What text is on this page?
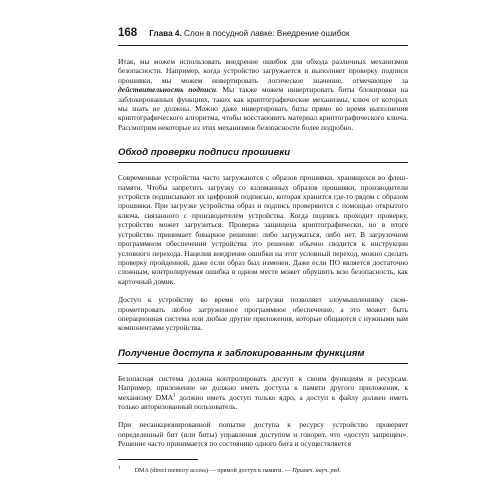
168 Глава 4. Слон в посудной лавке: Внедрение ошибок

Итак, мы можем использовать внедрение ошибок для обхода различных механизмов безопасности. Например, когда устройство загружается и выполняет проверку подписи прошивки, мы можем инвертировать логическое значение, отмечающее за действительность подписи. Мы также можем инвертировать биты блокировки на заблокированных функциях, таких как криптографические механизмы, ключ от которых мы знать не должны. Можно даже инвертировать биты прямо во время выполнения криптографического алгоритма, чтобы восстановить материал криптографического ключа. Рассмотрим некоторые из этих механизмов безопасности более подробно.

Обход проверки подписи прошивки

Современные устройства часто загружаются с образов прошивки, хранящихся во флеш-памяти. Чтобы запретить загрузку со взломанных образов прошивки, производители устройств подписывают их цифровой подписью, которая хранится где-то рядом с образом прошивки. При загрузке устройства образ и подпись проверяются с помощью открытого ключа, связанного с производителем устройства. Когда подпись проходит проверку, устройство может загрузиться. Проверка защищена криптографически, но в итоге устройство принимает бинарное решение: либо загружаться, либо нет. В загрузочном программном обеспечении устройства это решение обычно сводится к инструкции условного перехода. Нацелив внедрение ошибки на этот условный переход, можно сделать проверку пройденной, даже если образ был изменен. Даже если ПО является достаточно сложным, контролируемая ошибка в одном месте может обрушить всю безопасность, как карточный домик.

Доступ к устройству во время его загрузки позволяет злоумышленнику скомпрометировать любое загруженное программное обеспечение, а это может быть операционная система или любые другие приложения, которые общаются с нужными вам компонентами устройства.

Получение доступа к заблокированным функциям

Безопасная система должна контролировать доступ к своим функциям и ресурсам. Например, приложение не должно иметь доступа к памяти другого приложения, к механизму DMA$^1$ должно иметь доступ только ядро, а доступ к файлу должен иметь только авторизованный пользователь.

При несанкционированной попытке доступа к ресурсу устройство проверяет определенный бит (или биты) управления доступом и говорит, что «доступ запрещен». Решение часто принимается по состоянию одного бита и осуществляется

$^1$ DMA (direct memory access) — прямой доступ к памяти. — Примеч. науч. ред.
